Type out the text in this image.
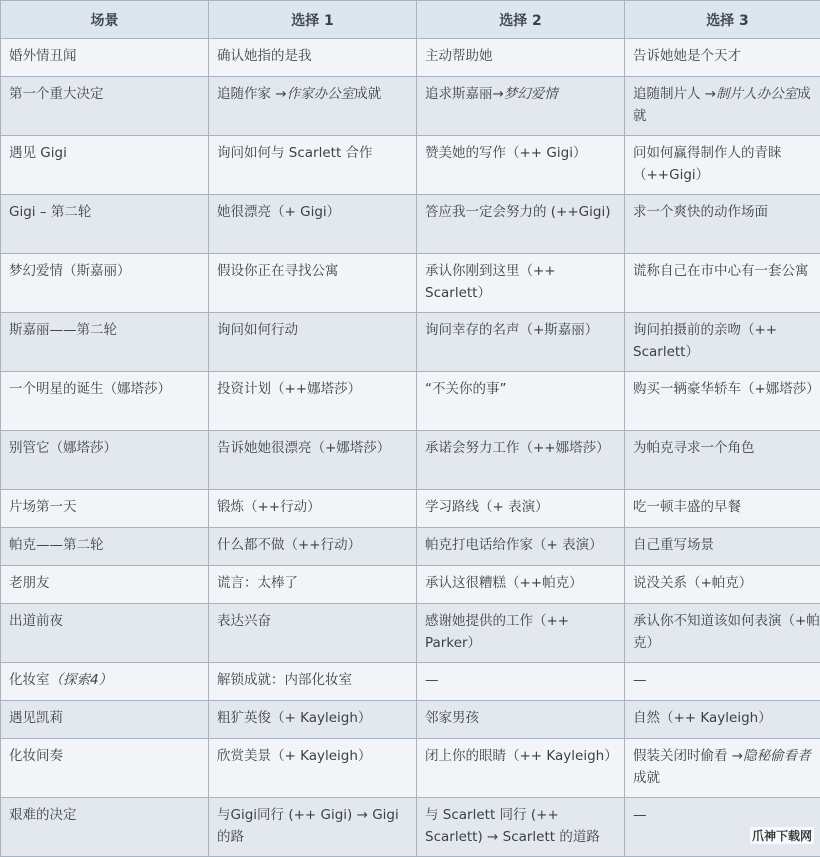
场景	选择 1	选择 2	选择 3
婚外情丑闻	确认她指的是我	主动帮助她	告诉她她是个天才
第一个重大决定	追随作家 →作家办公室成就	追求斯嘉丽→梦幻爱情	追随制片人 →制片人办公室成就
遇见 Gigi	询问如何与 Scarlett 合作	赞美她的写作（++ Gigi）	问如何赢得制作人的青睐（++Gigi）
Gigi – 第二轮	她很漂亮（+ Gigi）	答应我一定会努力的 (++Gigi)	求一个爽快的动作场面
梦幻爱情（斯嘉丽）	假设你正在寻找公寓	承认你刚到这里（++ Scarlett）	谎称自己在市中心有一套公寓
斯嘉丽——第二轮	询问如何行动	询问幸存的名声（+斯嘉丽）	询问拍摄前的亲吻（++ Scarlett）
一个明星的诞生（娜塔莎）	投资计划（++娜塔莎）	“不关你的事”	购买一辆豪华轿车（+娜塔莎）
别管它（娜塔莎）	告诉她她很漂亮（+娜塔莎）	承诺会努力工作（++娜塔莎）	为帕克寻求一个角色
片场第一天	锻炼（++行动）	学习路线（+ 表演）	吃一顿丰盛的早餐
帕克——第二轮	什么都不做（++行动）	帕克打电话给作家（+ 表演）	自己重写场景
老朋友	谎言：太棒了	承认这很糟糕（++帕克）	说没关系（+帕克）
出道前夜	表达兴奋	感谢她提供的工作（++ Parker）	承认你不知道该如何表演（+帕克）
化妆室（探索4）	解锁成就：内部化妆室	—	—
遇见凯莉	粗犷英俊（+ Kayleigh）	邻家男孩	自然（++ Kayleigh）
化妆间奏	欣赏美景（+ Kayleigh）	闭上你的眼睛（++ Kayleigh）	假装关闭时偷看 →隐秘偷看者成就
艰难的决定	与Gigi同行 (++ Gigi) → Gigi 的路	与 Scarlett 同行 (++ Scarlett) → Scarlett 的道路	—
爪神下载网
